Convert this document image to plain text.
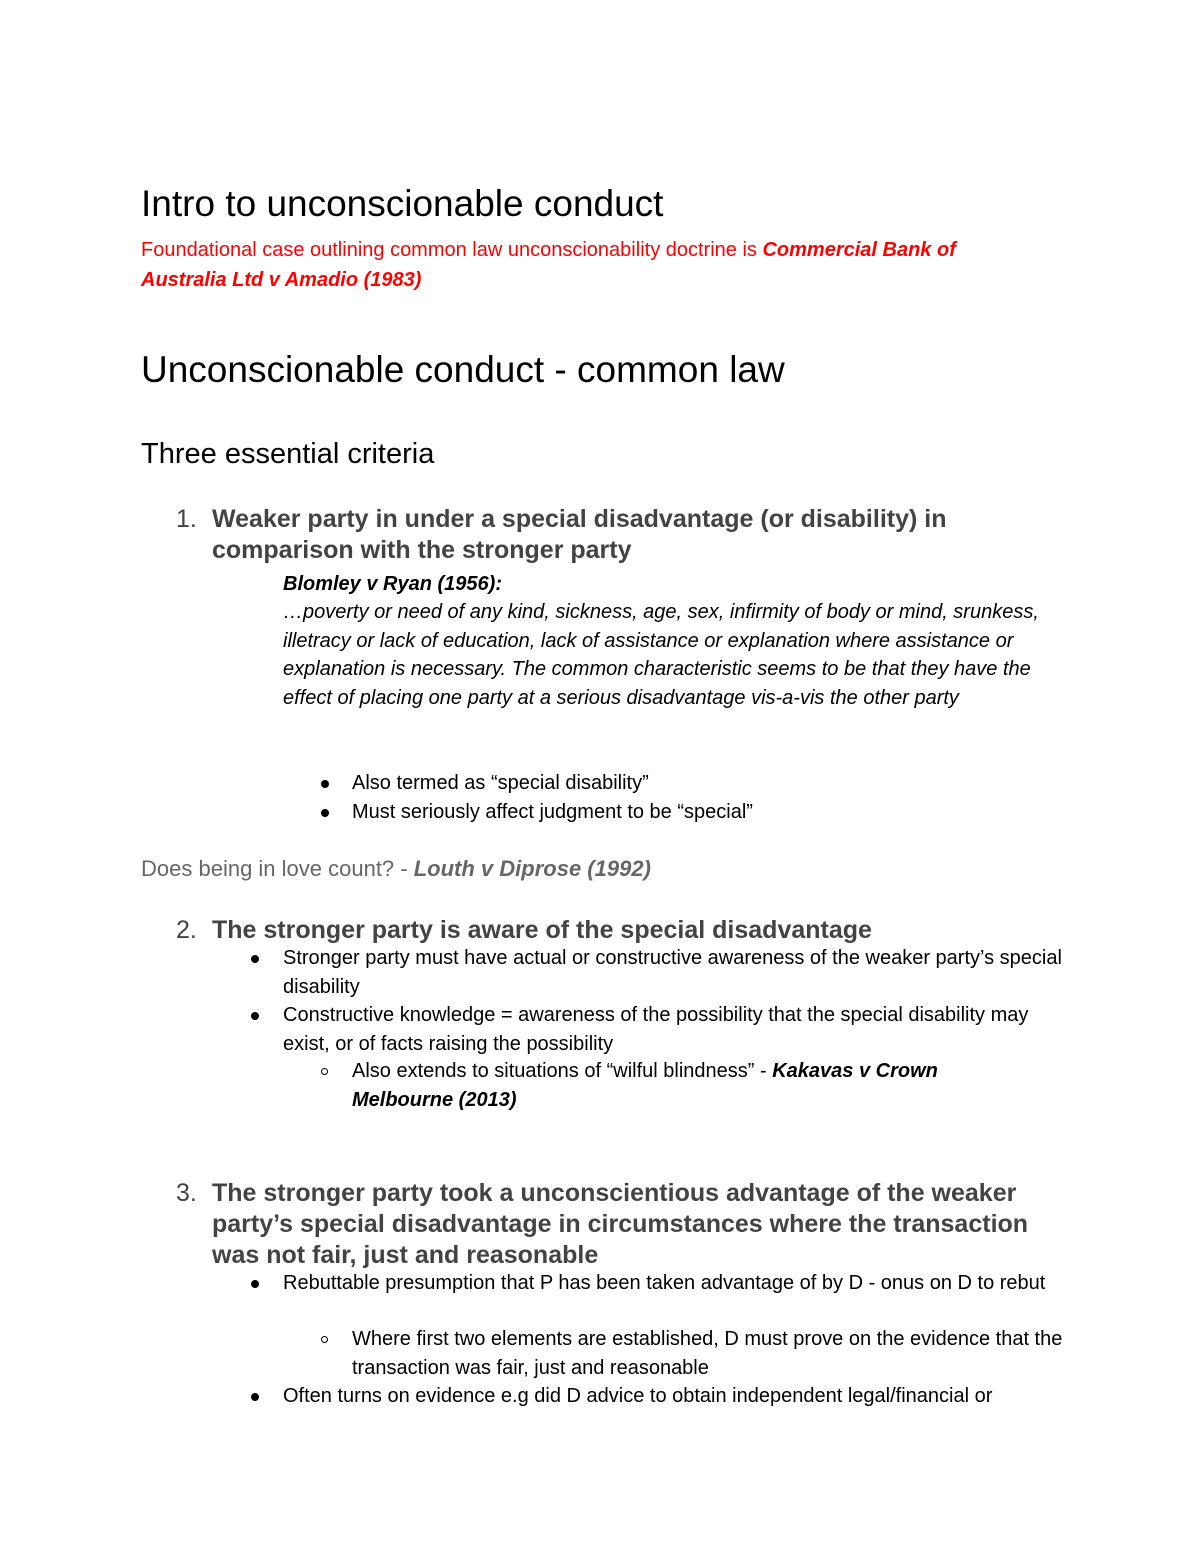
Intro to unconscionable conduct

Foundational case outlining common law unconscionability doctrine is Commercial Bank of Australia Ltd v Amadio (1983)

Unconscionable conduct - common law
Three essential criteria
1. Weaker party in under a special disadvantage (or disability) in comparison with the stronger party

Blomley v Ryan (1956):

…poverty or need of any kind, sickness, age, sex, infirmity of body or mind, srunkess, illetracy or lack of education, lack of assistance or explanation where assistance or explanation is necessary. The common characteristic seems to be that they have the effect of placing one party at a serious disadvantage vis-a-vis the other party

Also termed as “special disability”

Must seriously affect judgment to be “special”

Does being in love count? - Louth v Diprose (1992)

2. The stronger party is aware of the special disadvantage

Stronger party must have actual or constructive awareness of the weaker party’s special disability

Constructive knowledge = awareness of the possibility that the special disability may exist, or of facts raising the possibility

Also extends to situations of “wilful blindness” - Kakavas v Crown Melbourne (2013)

3. The stronger party took a unconscientious advantage of the weaker party’s special disadvantage in circumstances where the transaction was not fair, just and reasonable

Rebuttable presumption that P has been taken advantage of by D - onus on D to rebut

Where first two elements are established, D must prove on the evidence that the transaction was fair, just and reasonable

Often turns on evidence e.g did D advice to obtain independent legal/financial or
